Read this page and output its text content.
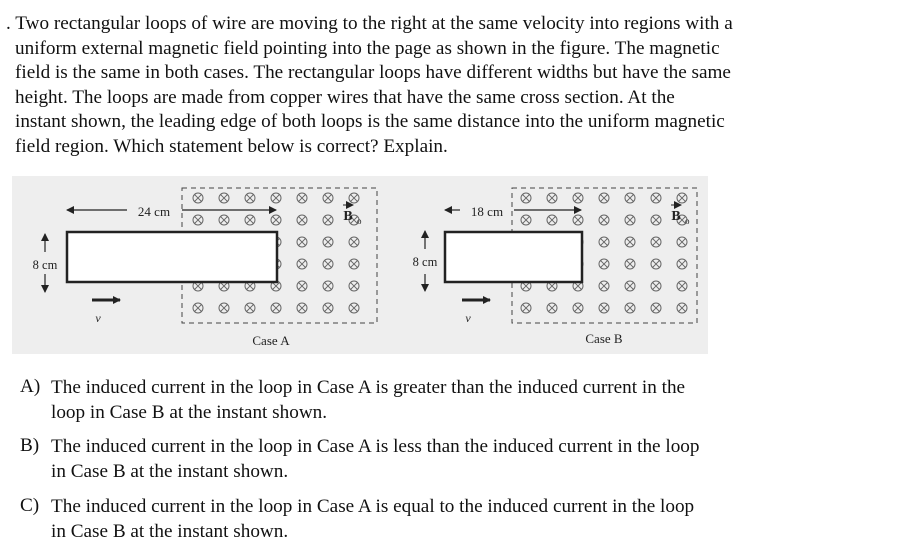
. Two rectangular loops of wire are moving to the right at the same velocity into regions with a
uniform external magnetic field pointing into the page as shown in the figure. The magnetic
field is the same in both cases. The rectangular loops have different widths but have the same
height. The loops are made from copper wires that have the same cross section. At the
instant shown, the leading edge of both loops is the same distance into the uniform magnetic
field region. Which statement below is correct? Explain.
24 cm
8 cm
B o
v
Case A
18 cm
8 cm
B o
v
Case B
A) The induced current in the loop in Case A is greater than the induced current in the
loop in Case B at the instant shown.
B) The induced current in the loop in Case A is less than the induced current in the loop
in Case B at the instant shown.
C) The induced current in the loop in Case A is equal to the induced current in the loop
in Case B at the instant shown.
